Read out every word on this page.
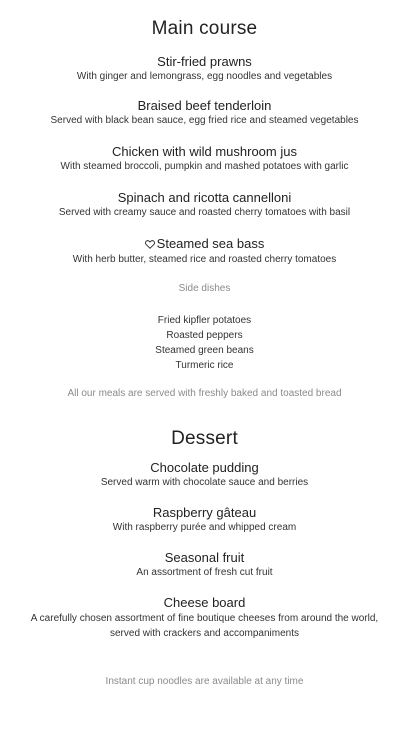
Main course
Stir-fried prawns
With ginger and lemongrass, egg noodles and vegetables
Braised beef tenderloin
Served with black bean sauce, egg fried rice and steamed vegetables
Chicken with wild mushroom jus
With steamed broccoli, pumpkin and mashed potatoes with garlic
Spinach and ricotta cannelloni
Served with creamy sauce and roasted cherry tomatoes with basil
Steamed sea bass
With herb butter, steamed rice and roasted cherry tomatoes
Side dishes
Fried kipfler potatoes
Roasted peppers
Steamed green beans
Turmeric rice
All our meals are served with freshly baked and toasted bread
Dessert
Chocolate pudding
Served warm with chocolate sauce and berries
Raspberry gâteau
With raspberry purée and whipped cream
Seasonal fruit
An assortment of fresh cut fruit
Cheese board
A carefully chosen assortment of fine boutique cheeses from around the world,
served with crackers and accompaniments
Instant cup noodles are available at any time
